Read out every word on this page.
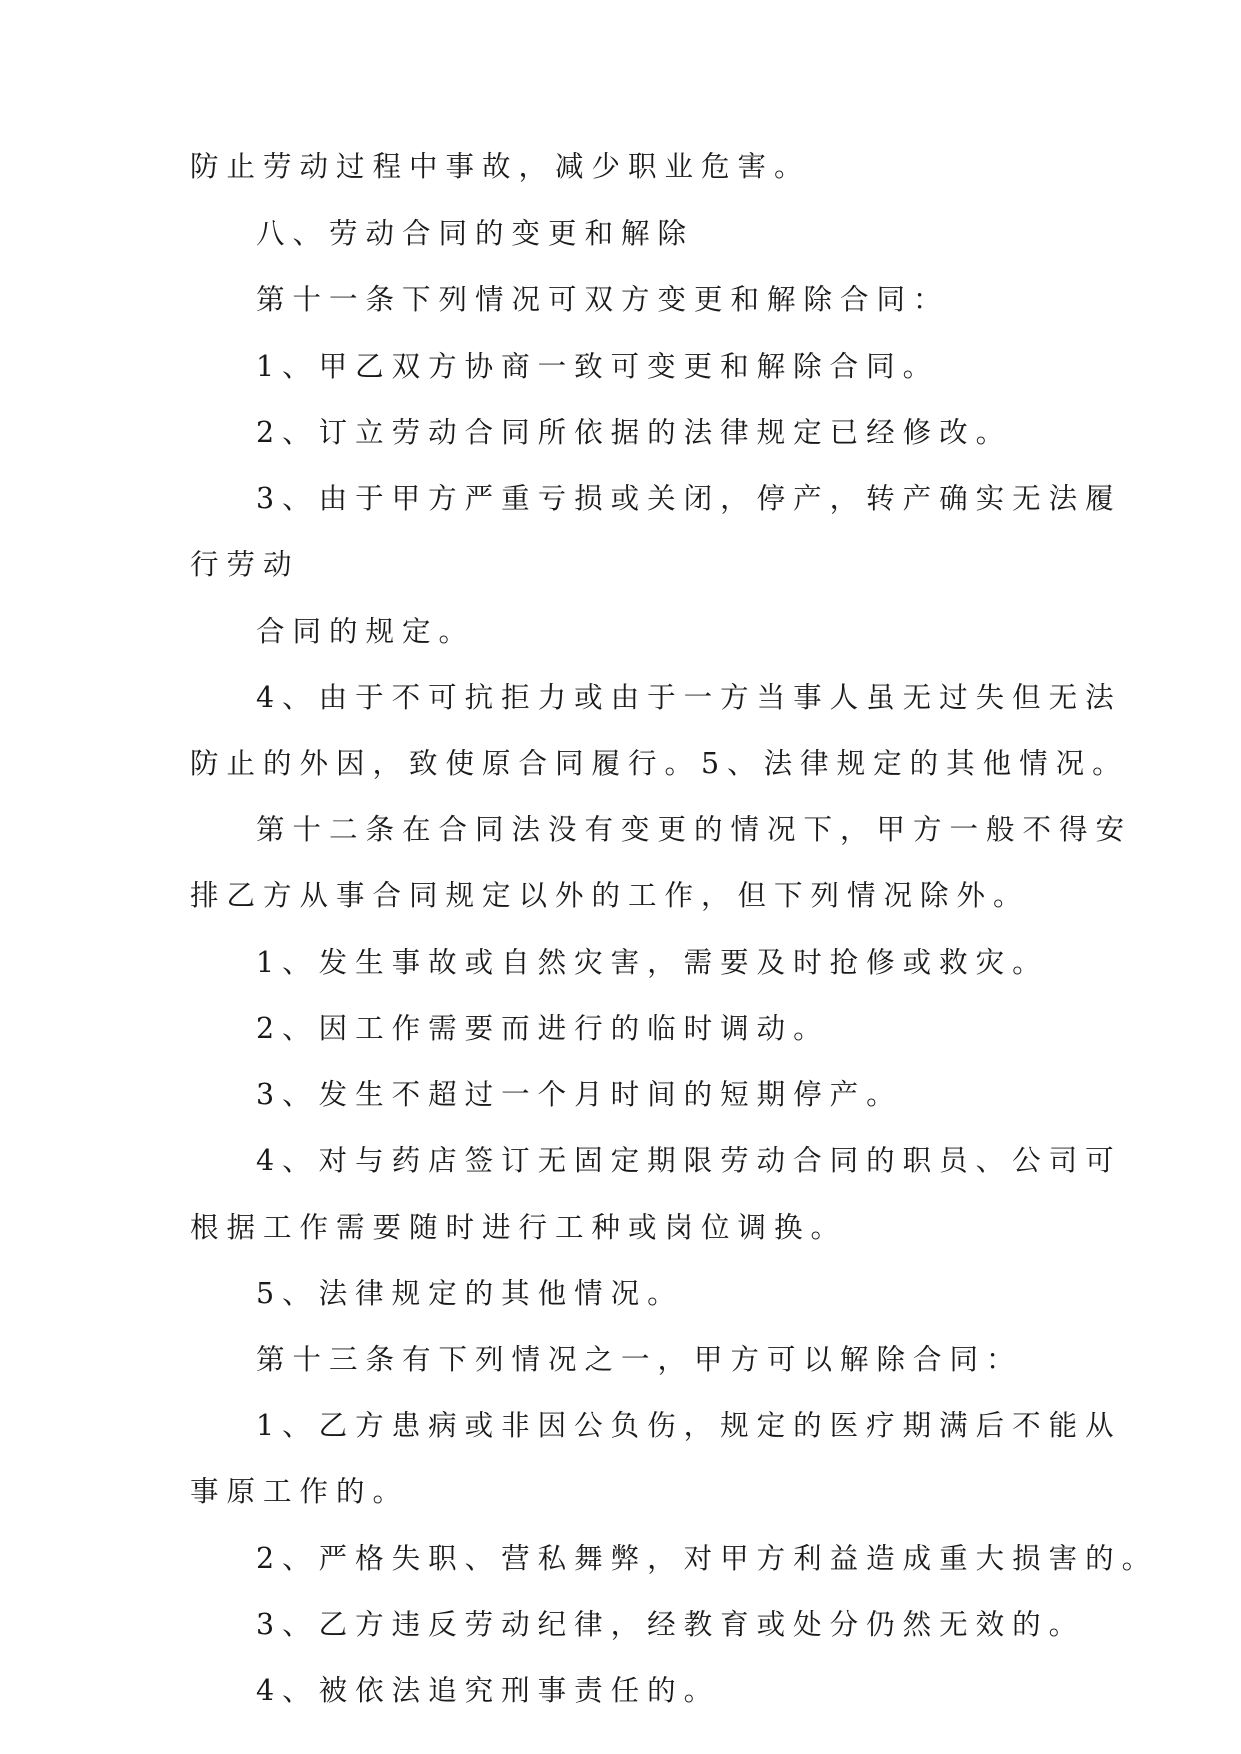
防止劳动过程中事故，减少职业危害。

八、劳动合同的变更和解除

第十一条下列情况可双方变更和解除合同：

1、甲乙双方协商一致可变更和解除合同。

2、订立劳动合同所依据的法律规定已经修改。

3、由于甲方严重亏损或关闭，停产，转产确实无法履

行劳动

合同的规定。

4、由于不可抗拒力或由于一方当事人虽无过失但无法

防止的外因，致使原合同履行。5、法律规定的其他情况。

第十二条在合同法没有变更的情况下，甲方一般不得安

排乙方从事合同规定以外的工作，但下列情况除外。

1、发生事故或自然灾害，需要及时抢修或救灾。

2、因工作需要而进行的临时调动。

3、发生不超过一个月时间的短期停产。

4、对与药店签订无固定期限劳动合同的职员、公司可

根据工作需要随时进行工种或岗位调换。

5、法律规定的其他情况。

第十三条有下列情况之一，甲方可以解除合同：

1、乙方患病或非因公负伤，规定的医疗期满后不能从

事原工作的。

2、严格失职、营私舞弊，对甲方利益造成重大损害的。

3、乙方违反劳动纪律，经教育或处分仍然无效的。

4、被依法追究刑事责任的。
